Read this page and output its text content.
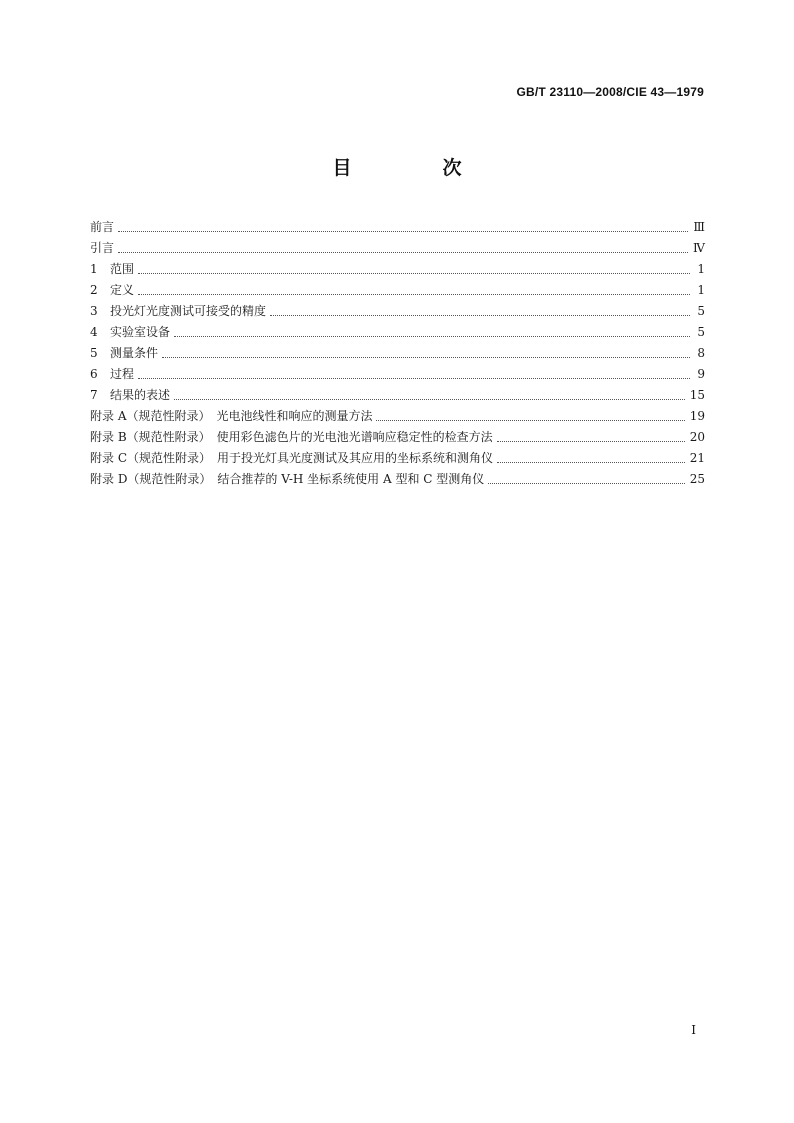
GB/T 23110—2008/CIE 43—1979
目　次
前言	Ⅲ
引言	Ⅳ
1 范围	1
2 定义	1
3 投光灯光度测试可接受的精度	5
4 实验室设备	5
5 测量条件	8
6 过程	9
7 结果的表述	15
附录 A（规范性附录）　光电池线性和响应的测量方法	19
附录 B（规范性附录）　使用彩色滤色片的光电池光谱响应稳定性的检查方法	20
附录 C（规范性附录）　用于投光灯具光度测试及其应用的坐标系统和测角仪	21
附录 D（规范性附录）　结合推荐的 V-H 坐标系统使用 A 型和 C 型测角仪	25
I
